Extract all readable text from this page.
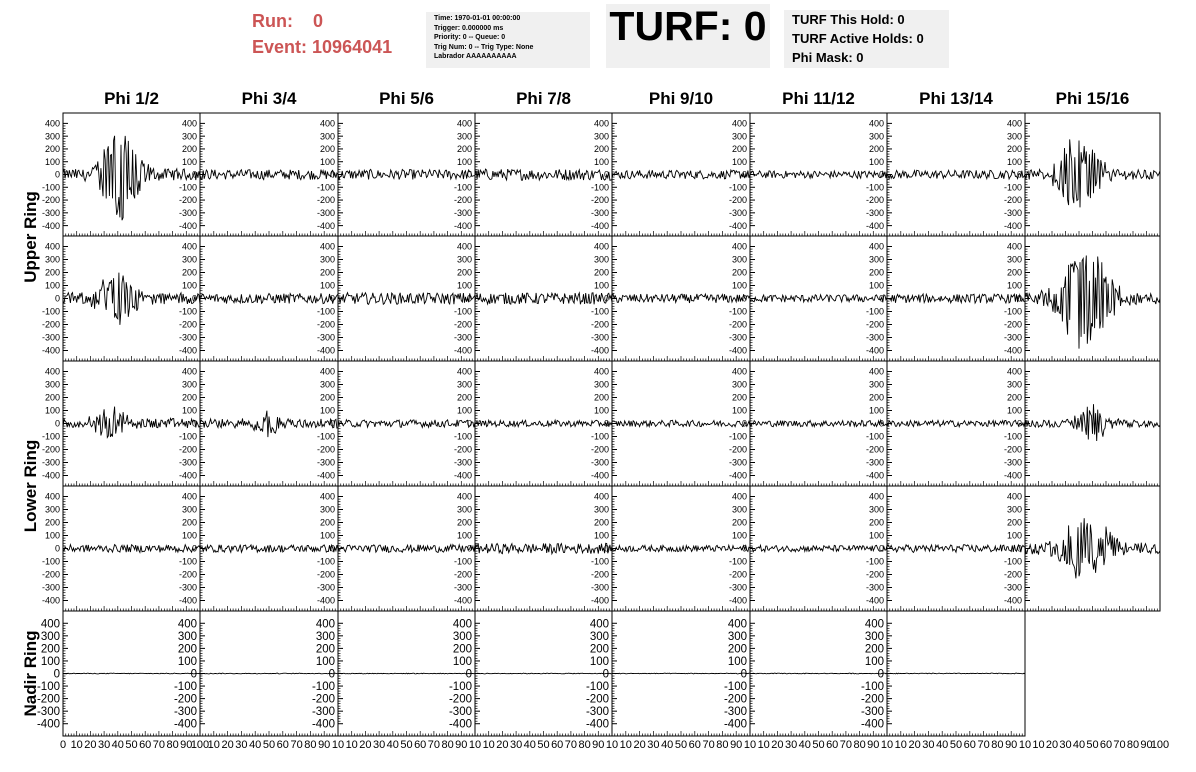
Run: 0
Event: 10964041
Time: 1970-01-01 00:00:00
Trigger: 0.000000 ms
Priority: 0 -- Queue: 0
Trig Num: 0 -- Trig Type: None
Labrador AAAAAAAAAA
TURF: 0 TURF This Hold: 0
TURF Active Holds: 0
Phi Mask: 0
Phi 1/2	Phi 3/4	Phi 5/6	Phi 7/8	Phi 9/10	Phi 11/12	Phi 13/14	Phi 15/16
Upper Ring
Lower Ring
Nadir Ring
400
300
200
100
0
-100
-200
-300
-400
400
300
200
100
0
-100
-200
-300
-400
400
300
200
100
0
-100
-200
-300
-400
400
300
200
100
0
-100
-200
-300
-400
400
300
200
100
0
-100
-200
-300
-400
400
300
200
100
0
-100
-200
-300
-400
400
300
200
100
0
-100
-200
-300
-400
400
300
200
100
0
-100
-200
-300
-400
400
300
200
100
0
-100
-200
-300
-400
400
300
200
100
0
-100
-200
-300
-400
400
300
200
100
0
-100
-200
-300
-400
400
300
200
100
0
-100
-200
-300
-400
400
300
200
100
0
-100
-200
-300
-400
400
300
200
100
0
-100
-200
-300
-400
400
300
200
100
0
-100
-200
-300
-400
400
300
200
100
0
-100
-200
-300
-400
400
300
200
100
0
-100
-200
-300
-400
400
300
200
100
0
-100
-200
-300
-400
400
300
200
100
0
-100
-200
-300
-400
400
300
200
100
0
-100
-200
-300
-400
400
300
200
100
0
-100
-200
-300
-400
400
300
200
100
0
-100
-200
-300
-400
400
300
200
100
0
-100
-200
-300
-400
400
300
200
100
0
-100
-200
-300
-400
400
300
200
100
0
-100
-200
-300
-400
400
300
200
100
0
-100
-200
-300
-400
400
300
200
100
0
-100
-200
-300
-400
400
300
200
100
0
-100
-200
-300
-400
400
300
200
100
0
-100
-200
-300
-400
400
300
200
100
0
-100
-200
-300
-400
400
300
200
100
0
-100
-200
-300
-400
400
300
200
100
0
-100
-200
-300
-400
400
300
200
100
0
-100
-200
-300
-400
400
300
200
100
0
-100
-200
-300
-400
400
300
200
100
0
-100
-200
-300
-400
400
300
200
100
0
-100
-200
-300
-400
400
300
200
100
0
-100
-200
-300
-400
400
300
200
100
0
-100
-200
-300
-400
400
300
200
100
0
-100
-200
-300
-400
0 10 20 30 40 50 60 70 80 90
100
10 20 30 40 50 60 70 80 90 10 10 20 30 40 50 60 70 80 90 10 10 20 30 40 50 60 70 80 90 10 10 20 30 40 50 60 70 80 90 10 10 20 30 40 50 60 70 80 90 10 10 20 30 40 50 60 70 80 90 10 10 20 30 40 50 60 70 80 90
100
